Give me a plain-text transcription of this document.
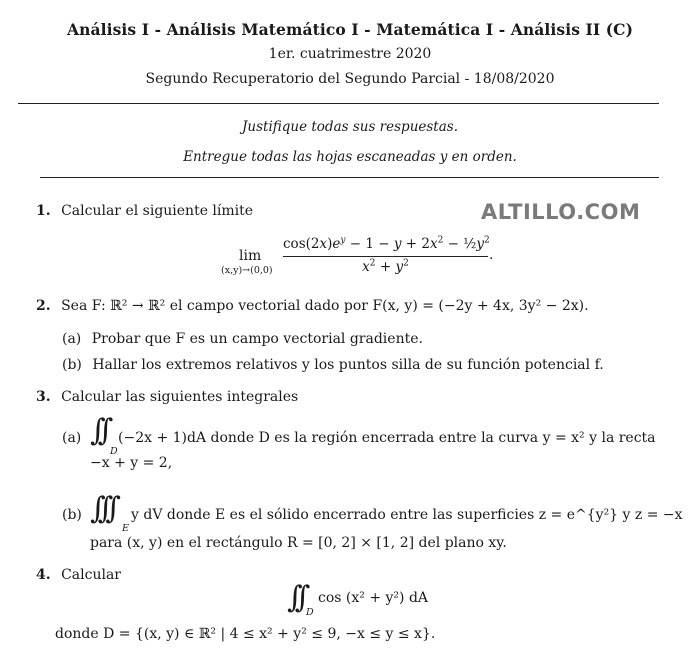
Análisis I - Análisis Matemático I - Matemática I - Análisis II (C)
1er. cuatrimestre 2020
Segundo Recuperatorio del Segundo Parcial - 18/08/2020
Justifique todas sus respuestas.
Entregue todas las hojas escaneadas y en orden.
ALTILLO.COM
1. Calcular el siguiente límite
lim
(x,y)→(0,0)
$\cos(2x)e^y - 1 - y + 2x^2$ − $\frac{1}{2}y^2$
$x^2 + y^2$	.
2. Sea F: ℝ² → ℝ² el campo vectorial dado por F(x, y) = (−2y + 4x, 3y² − 2x).
(a) Probar que F es un campo vectorial gradiente.
(b) Hallar los extremos relativos y los puntos silla de su función potencial f.
3. Calcular las siguientes integrales
(a) ∫∫
D
(−2x + 1)dA donde D es la región encerrada entre la curva y = x² y la recta
−x + y = 2,
(b) ∫∫∫
E
y dV donde E es el sólido encerrado entre las superficies z = e^{y²} y z = −x
para (x, y) en el rectángulo R = [0, 2] × [1, 2] del plano xy.
4. Calcular
∫∫ D
cos (x² + y²) dA
donde D = {(x, y) ∈ ℝ² | 4 ≤ x² + y² ≤ 9, −x ≤ y ≤ x}.
